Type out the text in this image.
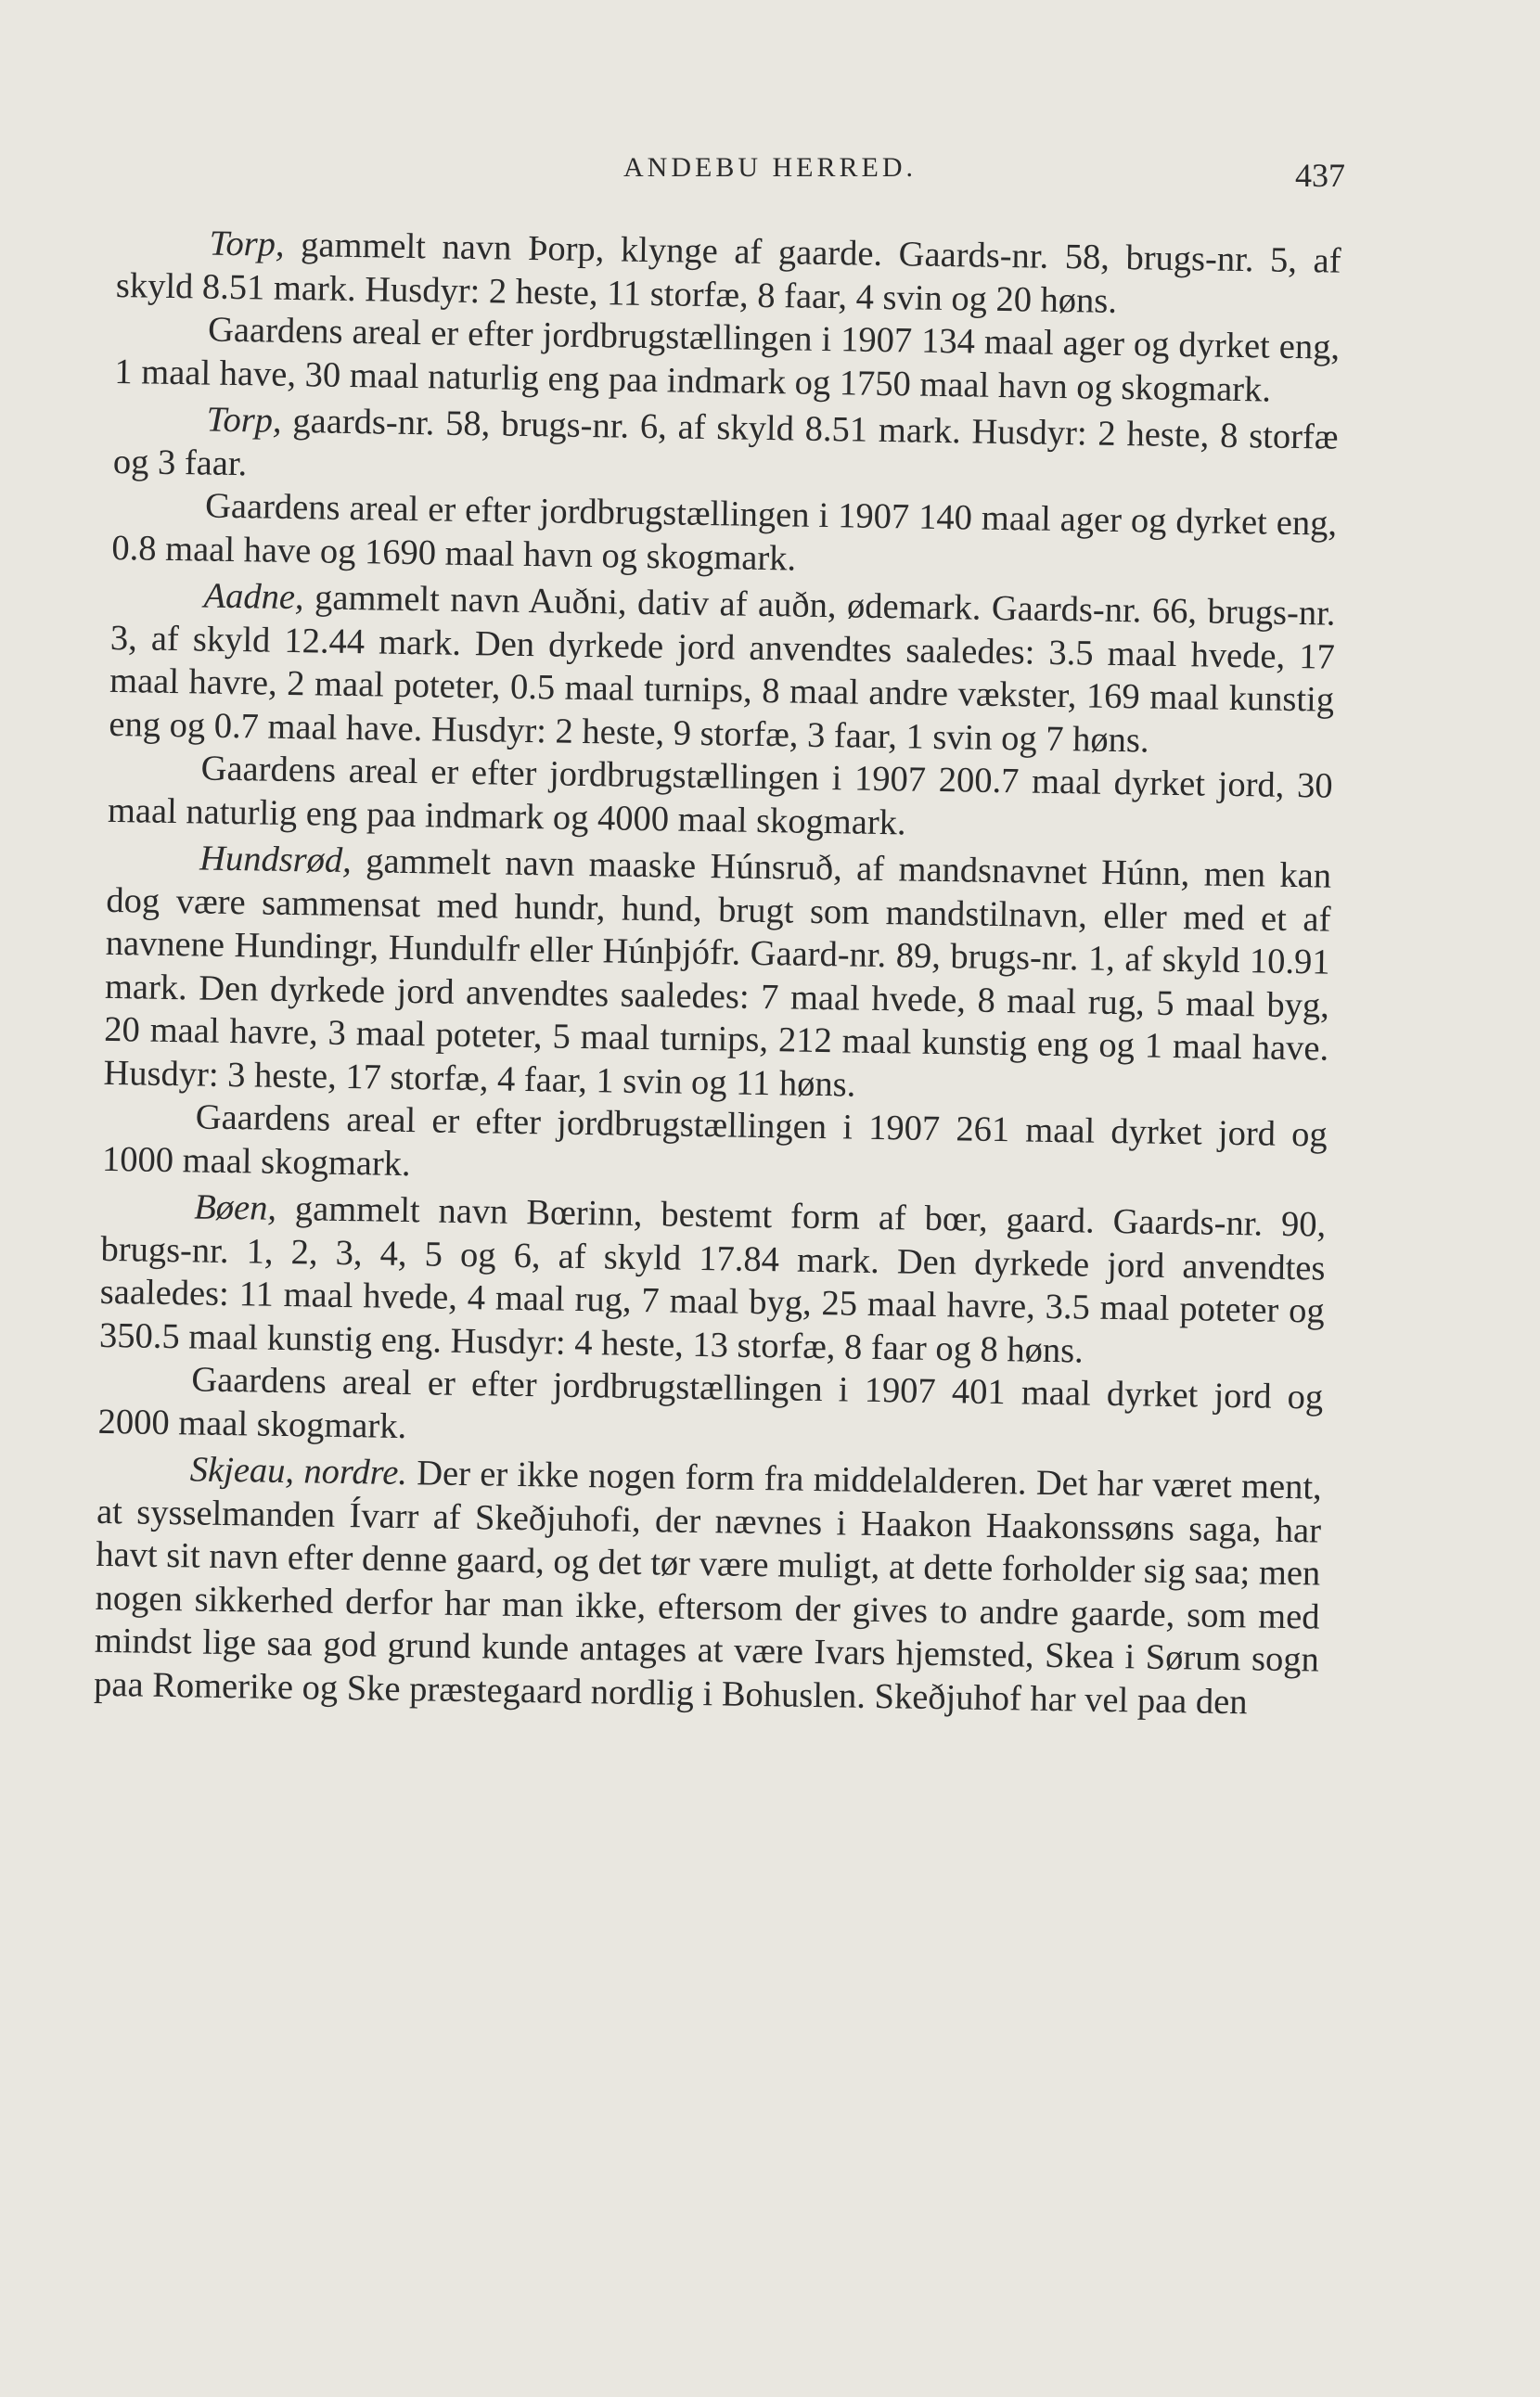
ANDEBU HERRED.	437

Torp, gammelt navn Þorp, klynge af gaarde. Gaards-nr. 58, brugs-nr. 5, af skyld 8.51 mark. Husdyr: 2 heste, 11 storfæ, 8 faar, 4 svin og 20 høns.

Gaardens areal er efter jordbrugstællingen i 1907 134 maal ager og dyrket eng, 1 maal have, 30 maal naturlig eng paa indmark og 1750 maal havn og skogmark.

Torp, gaards-nr. 58, brugs-nr. 6, af skyld 8.51 mark. Husdyr: 2 heste, 8 storfæ og 3 faar.

Gaardens areal er efter jordbrugstællingen i 1907 140 maal ager og dyrket eng, 0.8 maal have og 1690 maal havn og skogmark.

Aadne, gammelt navn Auðni, dativ af auðn, ødemark. Gaards-nr. 66, brugs-nr. 3, af skyld 12.44 mark. Den dyrkede jord anvendtes saaledes: 3.5 maal hvede, 17 maal havre, 2 maal poteter, 0.5 maal turnips, 8 maal andre vækster, 169 maal kunstig eng og 0.7 maal have. Husdyr: 2 heste, 9 storfæ, 3 faar, 1 svin og 7 høns.

Gaardens areal er efter jordbrugstællingen i 1907 200.7 maal dyrket jord, 30 maal naturlig eng paa indmark og 4000 maal skogmark.

Hundsrød, gammelt navn maaske Húnsruð, af mandsnavnet Húnn, men kan dog være sammensat med hundr, hund, brugt som mandstilnavn, eller med et af navnene Hundingr, Hundulfr eller Húnþjófr. Gaard-nr. 89, brugs-nr. 1, af skyld 10.91 mark. Den dyrkede jord anvendtes saaledes: 7 maal hvede, 8 maal rug, 5 maal byg, 20 maal havre, 3 maal poteter, 5 maal turnips, 212 maal kunstig eng og 1 maal have. Husdyr: 3 heste, 17 storfæ, 4 faar, 1 svin og 11 høns.

Gaardens areal er efter jordbrugstællingen i 1907 261 maal dyrket jord og 1000 maal skogmark.

Bøen, gammelt navn Bœrinn, bestemt form af bœr, gaard. Gaards-nr. 90, brugs-nr. 1, 2, 3, 4, 5 og 6, af skyld 17.84 mark. Den dyrkede jord anvendtes saaledes: 11 maal hvede, 4 maal rug, 7 maal byg, 25 maal havre, 3.5 maal poteter og 350.5 maal kunstig eng. Husdyr: 4 heste, 13 storfæ, 8 faar og 8 høns.

Gaardens areal er efter jordbrugstællingen i 1907 401 maal dyrket jord og 2000 maal skogmark.

Skjeau, nordre. Der er ikke nogen form fra middelalderen. Det har været ment, at sysselmanden Ívarr af Skeðjuhofi, der nævnes i Haakon Haakonssøns saga, har havt sit navn efter denne gaard, og det tør være muligt, at dette forholder sig saa; men nogen sikkerhed derfor har man ikke, eftersom der gives to andre gaarde, som med mindst lige saa god grund kunde antages at være Ivars hjemsted, Skea i Sørum sogn paa Romerike og Ske præstegaard nordlig i Bohuslen. Skeðjuhof har vel paa den
